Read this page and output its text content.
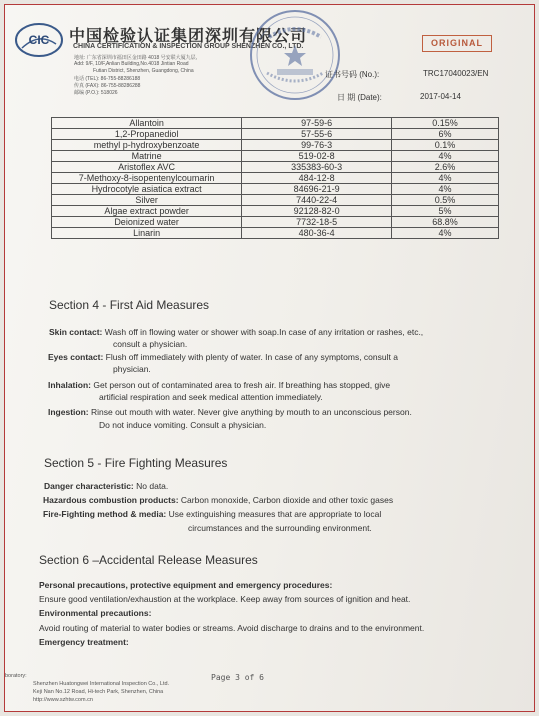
CIC 中国检验认证集团深圳有限公司
CHINA CERTIFICATION & INSPECTION GROUP SHENZHEN CO., LTD.
地址: 广东省深圳市福田区金田路 4018 号安联大厦九层,
Add: 9/F, 10/F,Anlian Building,No.4018 Jintian Road
Futian District, Shenzhen, Guangdong, China
电话 (TEL): 86-755-88286188
传真 (FAX): 86-755-88286288
邮编 (P.O.): 518026
ORIGINAL
证书号码 (No.):	TRC17040023/EN
日 期 (Date):	2017-04-14
Allantoin	97-59-6	0.15%
1,2-Propanediol	57-55-6	6%
methyl p-hydroxybenzoate	99-76-3	0.1%
Matrine	519-02-8	4%
Aristoflex AVC	335383-60-3	2.6%
7-Methoxy-8-isopentenylcoumarin	484-12-8	4%
Hydrocotyle asiatica extract	84696-21-9	4%
Silver	7440-22-4	0.5%
Algae extract powder	92128-82-0	5%
Deionized water	7732-18-5	68.8%
Linarin	480-36-4	4%
Section 4 - First Aid Measures
Skin contact: Wash off in flowing water or shower with soap.In case of any irritation or rashes, etc.,
consult a physician.
Eyes contact: Flush off immediately with plenty of water. In case of any symptoms, consult a
physician.
Inhalation: Get person out of contaminated area to fresh air. If breathing has stopped, give
artificial respiration and seek medical attention immediately.
Ingestion: Rinse out mouth with water. Never give anything by mouth to an unconscious person.
Do not induce vomiting. Consult a physician.
Section 5 - Fire Fighting Measures
Danger characteristic: No data.
Hazardous combustion products: Carbon monoxide, Carbon dioxide and other toxic gases
Fire-Fighting method & media: Use extinguishing measures that are appropriate to local
circumstances and the surrounding environment.
Section 6 –Accidental Release Measures
Personal precautions, protective equipment and emergency procedures:
Ensure good ventilation/exhaustion at the workplace. Keep away from sources of ignition and heat.
Environmental precautions:
Avoid routing of material to water bodies or streams. Avoid discharge to drains and to the environment.
Emergency treatment:
Page 3 of 6
boratory:
Shenzhen Huatongwei International Inspection Co., Ltd.
Keji Nan No.12 Road, Hi-tech Park, Shenzhen, China
http://www.szhtw.com.cn
